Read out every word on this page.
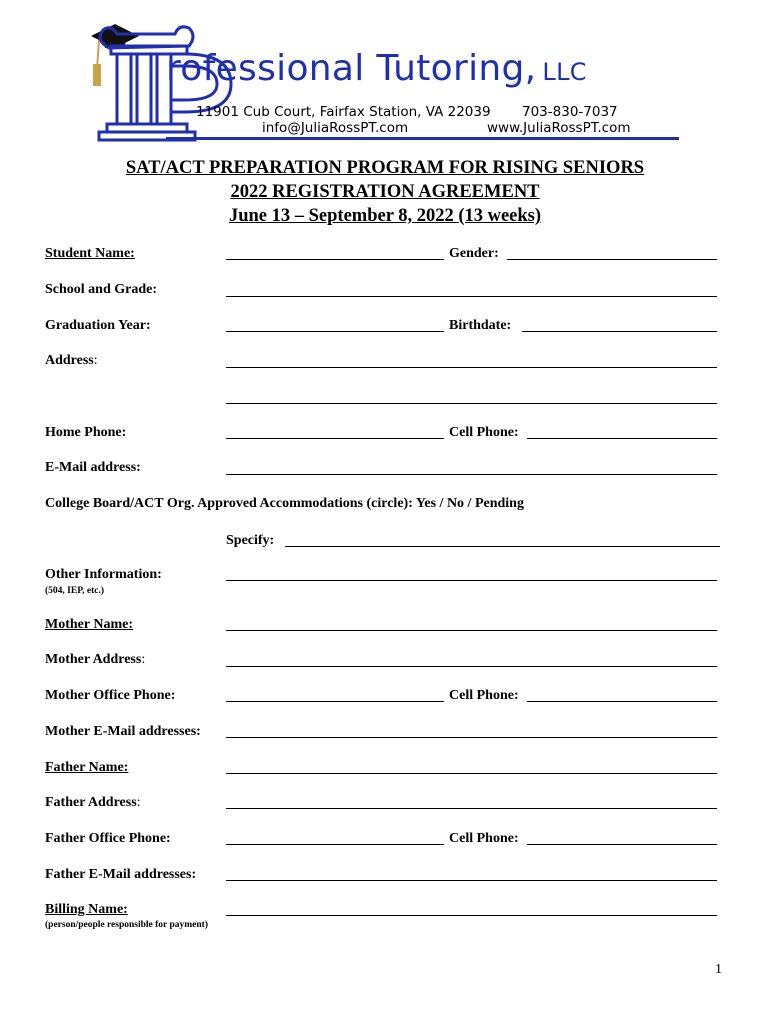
rofessional Tutoring, LLC
11901 Cub Court, Fairfax Station, VA 22039 703-830-7037
info@JuliaRossPT.com	www.JuliaRossPT.com
SAT/ACT PREPARATION PROGRAM FOR RISING SENIORS
2022 REGISTRATION AGREEMENT
June 13 – September 8, 2022 (13 weeks)
Student Name:	Gender:
School and Grade:
Graduation Year:	Birthdate:
Address:
Home Phone:	Cell Phone:
E-Mail address:
College Board/ACT Org. Approved Accommodations (circle): Yes / No / Pending
Specify:
Other Information:
(504, IEP, etc.)
Mother Name:
Mother Address:
Mother Office Phone:	Cell Phone:
Mother E-Mail addresses:
Father Name:
Father Address:
Father Office Phone:	Cell Phone:
Father E-Mail addresses:
Billing Name:
(person/people responsible for payment)
1
